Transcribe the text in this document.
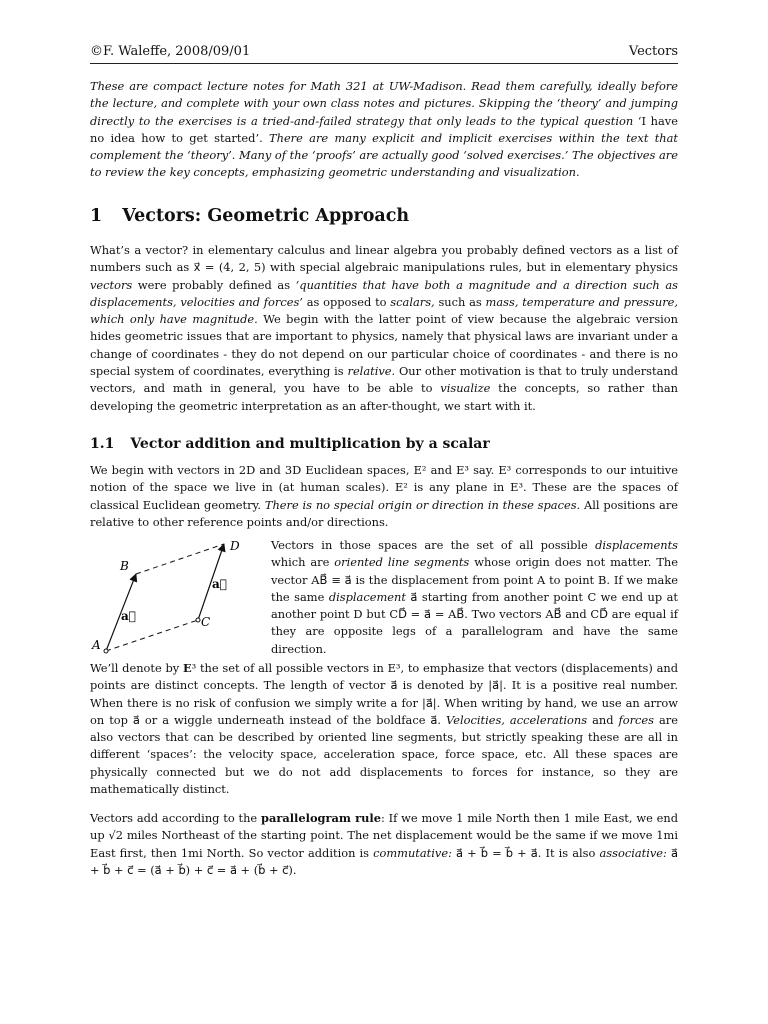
©F. Waleffe, 2008/09/01	Vectors
These are compact lecture notes for Math 321 at UW-Madison. Read them carefully, ideally before the lecture, and complete with your own class notes and pictures. Skipping the ‘theory’ and jumping directly to the exercises is a tried-and-failed strategy that only leads to the typical question ‘I have no idea how to get started’. There are many explicit and implicit exercises within the text that complement the ‘theory’. Many of the ‘proofs’ are actually good ‘solved exercises.’ The objectives are to review the key concepts, emphasizing geometric understanding and visualization.
1 Vectors: Geometric Approach

What’s a vector? in elementary calculus and linear algebra you probably defined vectors as a list of numbers such as x⃗ = (4, 2, 5) with special algebraic manipulations rules, but in elementary physics vectors were probably defined as ‘quantities that have both a magnitude and a direction such as displacements, velocities and forces’ as opposed to scalars, such as mass, temperature and pressure, which only have magnitude. We begin with the latter point of view because the algebraic version hides geometric issues that are important to physics, namely that physical laws are invariant under a change of coordinates - they do not depend on our particular choice of coordinates - and there is no special system of coordinates, everything is relative. Our other motivation is that to truly understand vectors, and math in general, you have to be able to visualize the concepts, so rather than developing the geometric interpretation as an after-thought, we start with it.

1.1 Vector addition and multiplication by a scalar

We begin with vectors in 2D and 3D Euclidean spaces, E² and E³ say. E³ corresponds to our intuitive notion of the space we live in (at human scales). E² is any plane in E³. These are the spaces of classical Euclidean geometry. There is no special origin or direction in these spaces. All positions are relative to other reference points and/or directions.

A
B
C
D
a⃗
a⃗

Vectors in those spaces are the set of all possible displacements which are oriented line segments whose origin does not matter. The vector AB⃗ ≡ a⃗ is the displacement from point A to point B. If we make the same displacement a⃗ starting from another point C we end up at another point D but CD⃗ = a⃗ = AB⃗. Two vectors AB⃗ and CD⃗ are equal if they are opposite legs of a parallelogram and have the same direction.

We’ll denote by E³ the set of all possible vectors in E³, to emphasize that vectors (displacements) and points are distinct concepts. The length of vector a⃗ is denoted by |a⃗|. It is a positive real number. When there is no risk of confusion we simply write a for |a⃗|. When writing by hand, we use an arrow on top a⃗ or a wiggle underneath instead of the boldface a⃗. Velocities, accelerations and forces are also vectors that can be described by oriented line segments, but strictly speaking these are all in different ‘spaces’: the velocity space, acceleration space, force space, etc. All these spaces are physically connected but we do not add displacements to forces for instance, so they are mathematically distinct.

Vectors add according to the parallelogram rule: If we move 1 mile North then 1 mile East, we end up √2 miles Northeast of the starting point. The net displacement would be the same if we move 1mi East first, then 1mi North. So vector addition is commutative: a⃗ + b⃗ = b⃗ + a⃗. It is also associative: a⃗ + b⃗ + c⃗ = (a⃗ + b⃗) + c⃗ = a⃗ + (b⃗ + c⃗).
